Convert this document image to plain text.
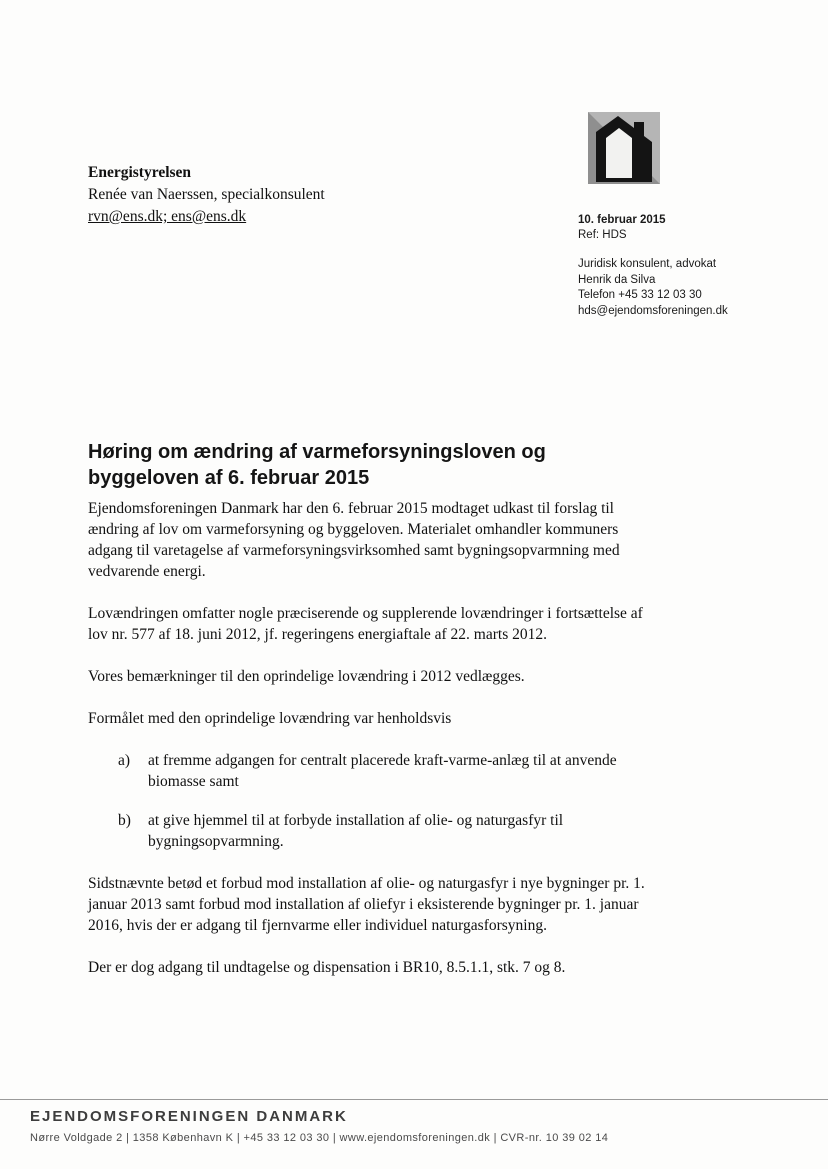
Energistyrelsen
Renée van Naerssen, specialkonsulent
rvn@ens.dk; ens@ens.dk	10. februar 2015
Ref: HDS
Juridisk konsulent, advokat
Henrik da Silva
Telefon +45 33 12 03 30
hds@ejendomsforeningen.dk
Høring om ændring af varmeforsyningsloven og byggeloven af 6. februar 2015

Ejendomsforeningen Danmark har den 6. februar 2015 modtaget udkast til forslag til ændring af lov om varmeforsyning og byggeloven. Materialet omhandler kommuners adgang til varetagelse af varmeforsyningsvirksomhed samt bygningsopvarmning med vedvarende energi.

Lovændringen omfatter nogle præciserende og supplerende lovændringer i fortsættelse af lov nr. 577 af 18. juni 2012, jf. regeringens energiaftale af 22. marts 2012.

Vores bemærkninger til den oprindelige lovændring i 2012 vedlægges.

Formålet med den oprindelige lovændring var henholdsvis

a)	at fremme adgangen for centralt placerede kraft-varme-anlæg til at anvende biomasse samt
b)	at give hjemmel til at forbyde installation af olie- og naturgasfyr til bygningsopvarmning.

Sidstnævnte betød et forbud mod installation af olie- og naturgasfyr i nye bygninger pr. 1. januar 2013 samt forbud mod installation af oliefyr i eksisterende bygninger pr. 1. januar 2016, hvis der er adgang til fjernvarme eller individuel naturgasforsyning.

Der er dog adgang til undtagelse og dispensation i BR10, 8.5.1.1, stk. 7 og 8.

EJENDOMSFORENINGEN DANMARK
Nørre Voldgade 2 | 1358 København K | +45 33 12 03 30 | www.ejendomsforeningen.dk | CVR-nr. 10 39 02 14
